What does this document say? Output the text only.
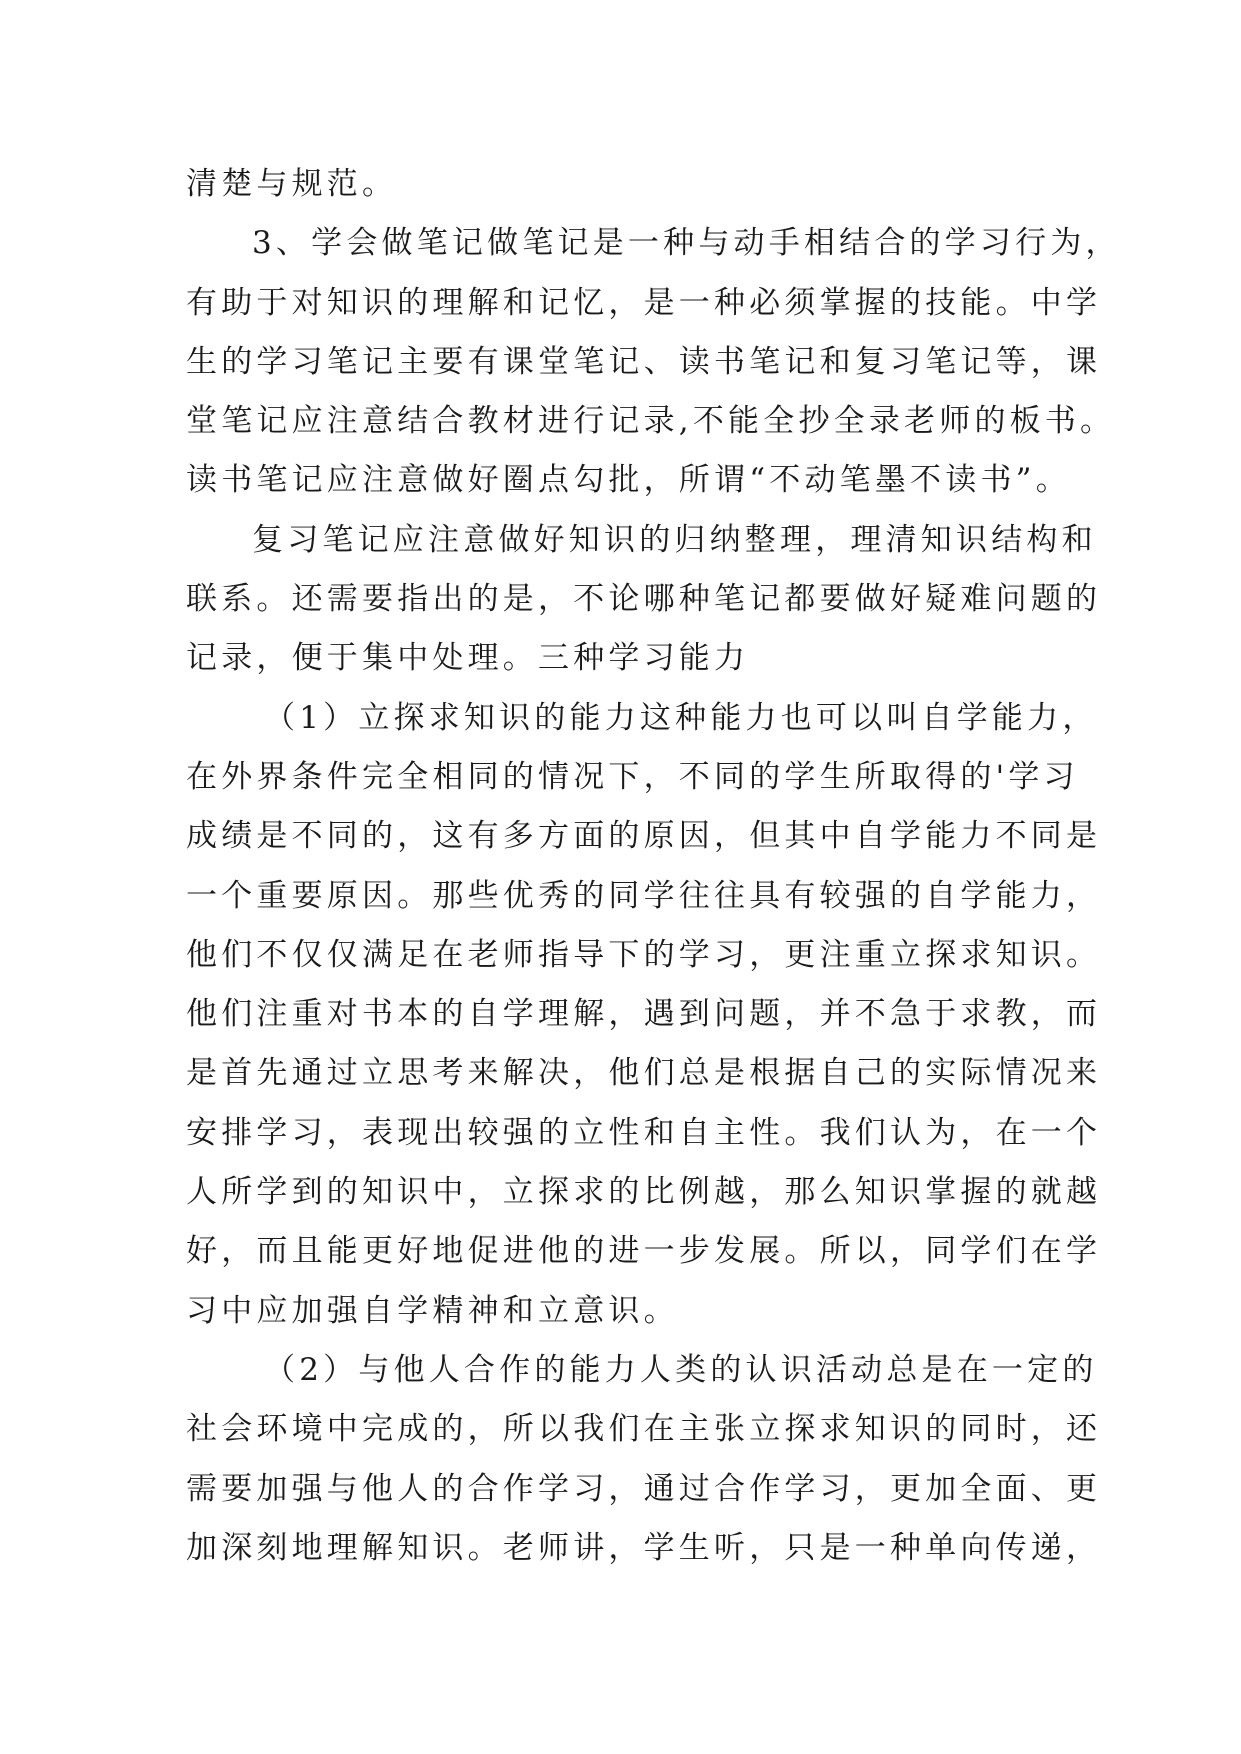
清楚与规范。
3、学会做笔记做笔记是一种与动手相结合的学习行为，
有助于对知识的理解和记忆，是一种必须掌握的技能。中学
生的学习笔记主要有课堂笔记、读书笔记和复习笔记等，课
堂笔记应注意结合教材进行记录,不能全抄全录老师的板书。
读书笔记应注意做好圈点勾批，所谓“不动笔墨不读书”。
复习笔记应注意做好知识的归纳整理，理清知识结构和
联系。还需要指出的是，不论哪种笔记都要做好疑难问题的
记录，便于集中处理。三种学习能力
（1）立探求知识的能力这种能力也可以叫自学能力，
在外界条件完全相同的情况下，不同的学生所取得的'学习
成绩是不同的，这有多方面的原因，但其中自学能力不同是
一个重要原因。那些优秀的同学往往具有较强的自学能力，
他们不仅仅满足在老师指导下的学习，更注重立探求知识。
他们注重对书本的自学理解，遇到问题，并不急于求教，而
是首先通过立思考来解决，他们总是根据自己的实际情况来
安排学习，表现出较强的立性和自主性。我们认为，在一个
人所学到的知识中，立探求的比例越，那么知识掌握的就越
好，而且能更好地促进他的进一步发展。所以，同学们在学
习中应加强自学精神和立意识。
（2）与他人合作的能力人类的认识活动总是在一定的
社会环境中完成的，所以我们在主张立探求知识的同时，还
需要加强与他人的合作学习，通过合作学习，更加全面、更
加深刻地理解知识。老师讲，学生听，只是一种单向传递，
